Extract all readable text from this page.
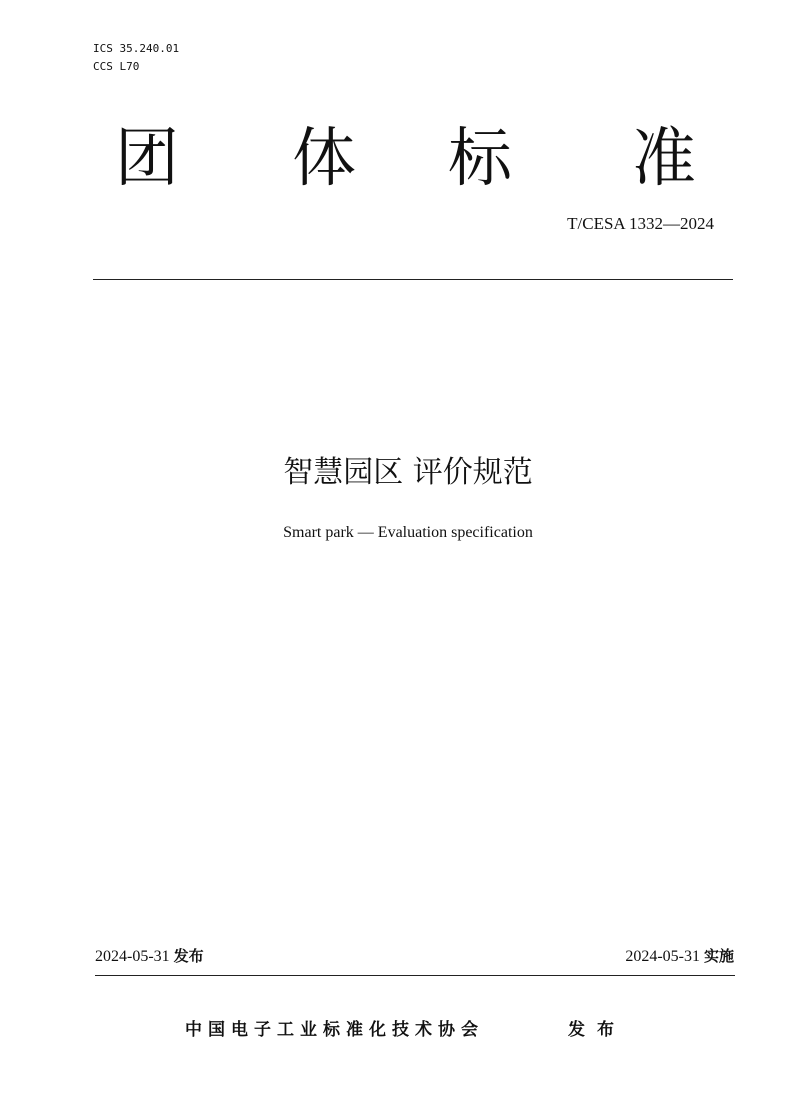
ICS 35.240.01
CCS L70
团 体 标 准
T/CESA 1332—2024
智慧园区 评价规范
Smart park — Evaluation specification
2024-05-31 发布	2024-05-31 实施
中国电子工业标准化技术协会	发布
